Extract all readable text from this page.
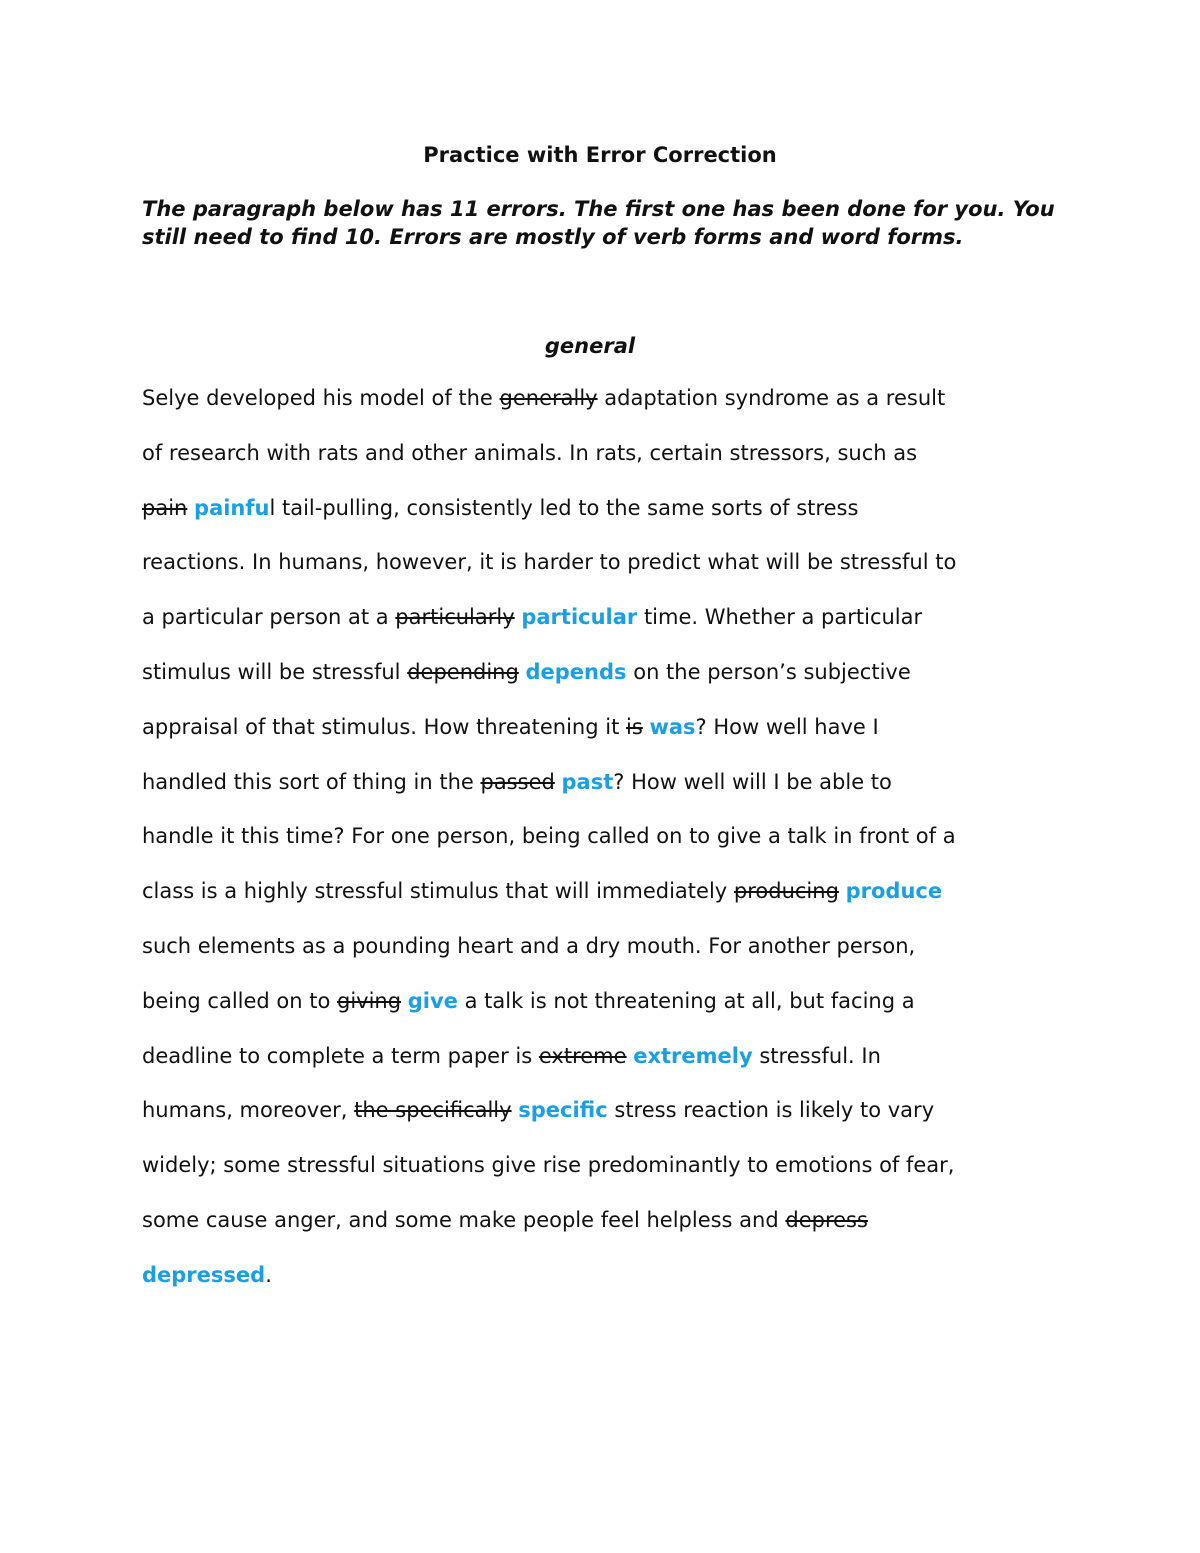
Practice with Error Correction
The paragraph below has 11 errors. The first one has been done for you. You still need to find 10. Errors are mostly of verb forms and word forms.
general
Selye developed his model of the generally adaptation syndrome as a result
of research with rats and other animals. In rats, certain stressors, such as
pain painful tail-pulling, consistently led to the same sorts of stress
reactions. In humans, however, it is harder to predict what will be stressful to
a particular person at a particularly particular time. Whether a particular
stimulus will be stressful depending depends on the person’s subjective
appraisal of that stimulus. How threatening it is was? How well have I
handled this sort of thing in the passed past? How well will I be able to
handle it this time? For one person, being called on to give a talk in front of a
class is a highly stressful stimulus that will immediately producing produce
such elements as a pounding heart and a dry mouth. For another person,
being called on to giving give a talk is not threatening at all, but facing a
deadline to complete a term paper is extreme extremely stressful. In
humans, moreover, the specifically specific stress reaction is likely to vary
widely; some stressful situations give rise predominantly to emotions of fear,
some cause anger, and some make people feel helpless and depress
depressed.
